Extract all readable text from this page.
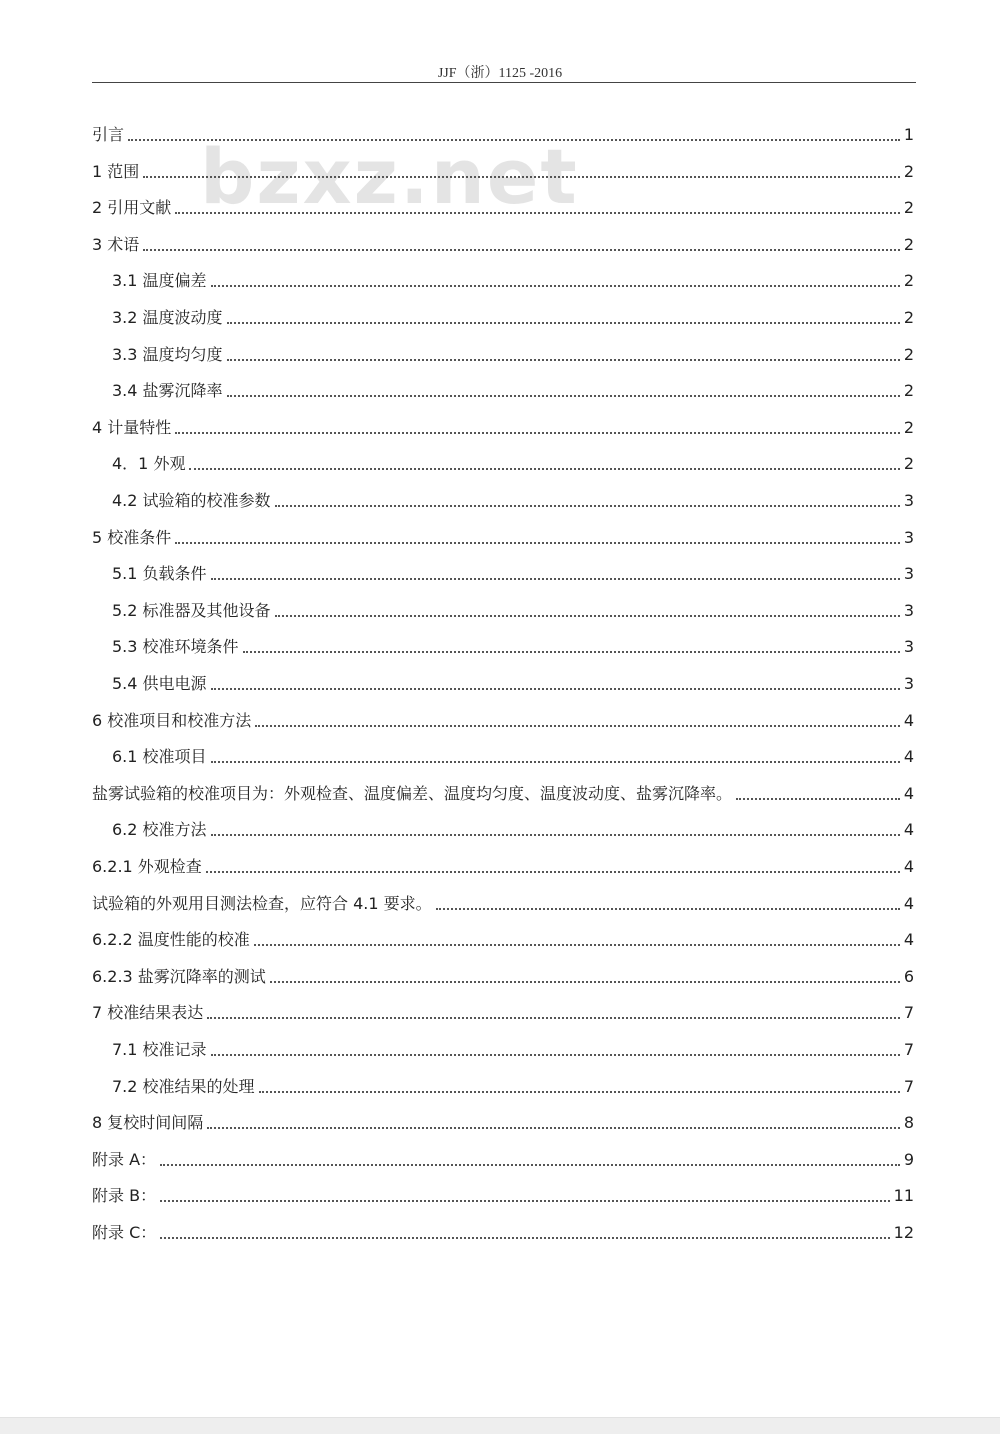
JJF（浙）1125 -2016
bzxz.net
引言	1
1 范围	2
2 引用文献	2
3 术语	2
3.1 温度偏差	2
3.2 温度波动度	2
3.3 温度均匀度	2
3.4 盐雾沉降率	2
4 计量特性	2
4．1 外观	2
4.2 试验箱的校准参数	3
5 校准条件	3
5.1 负载条件	3
5.2 标准器及其他设备	3
5.3 校准环境条件	3
5.4 供电电源	3
6 校准项目和校准方法	4
6.1 校准项目	4
盐雾试验箱的校准项目为：外观检查、温度偏差、温度均匀度、温度波动度、盐雾沉降率。	4
6.2 校准方法	4
6.2.1 外观检查	4
试验箱的外观用目测法检查，应符合 4.1 要求。	4
6.2.2 温度性能的校准	4
6.2.3 盐雾沉降率的测试	6
7 校准结果表达	7
7.1 校准记录	7
7.2 校准结果的处理	7
8 复校时间间隔	8
附录 A：	9
附录 B：	11
附录 C：	12
